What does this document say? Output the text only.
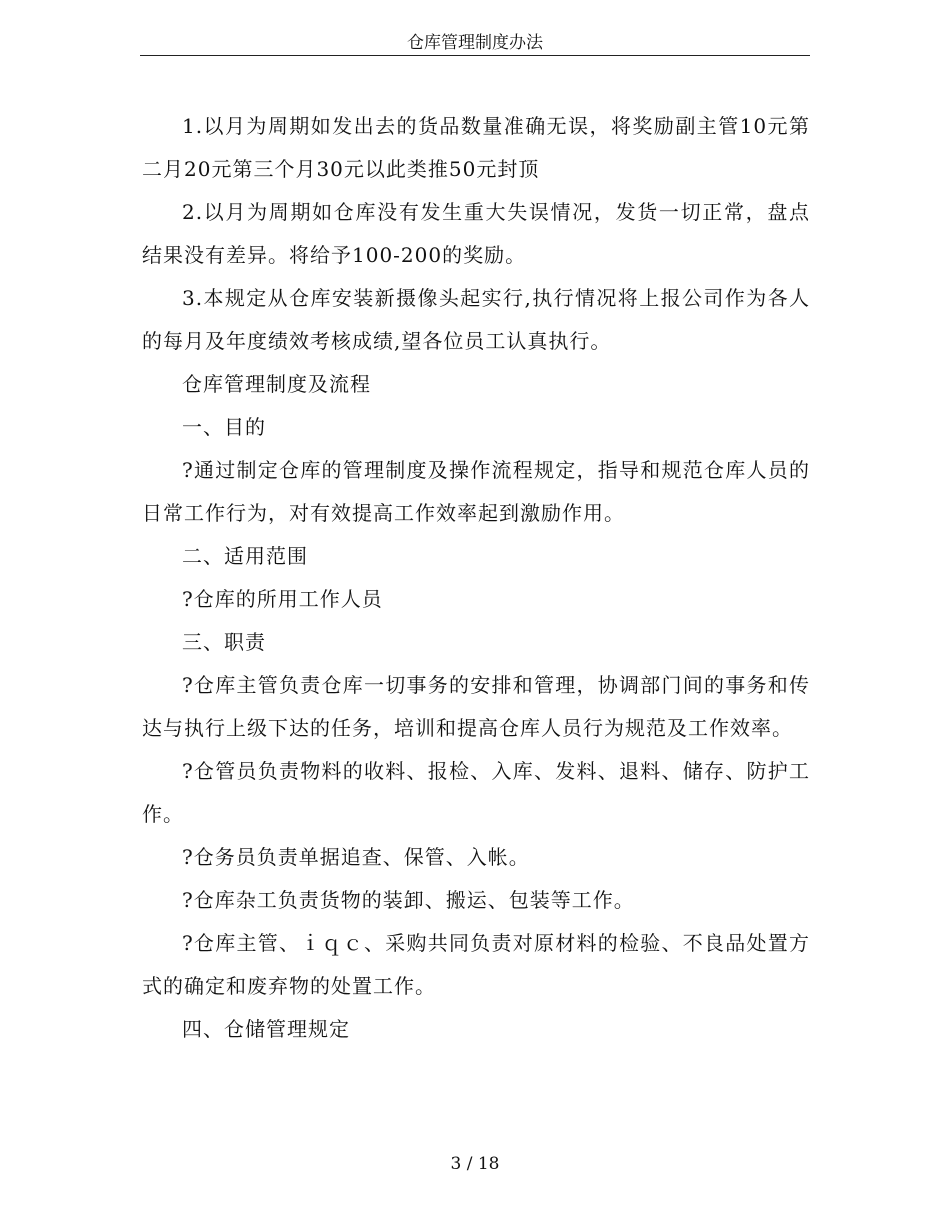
仓库管理制度办法

1.以月为周期如发出去的货品数量准确无误，将奖励副主管10元第二月20元第三个月30元以此类推50元封顶

2.以月为周期如仓库没有发生重大失误情况，发货一切正常，盘点结果没有差异。将给予100-200的奖励。

3.本规定从仓库安装新摄像头起实行,执行情况将上报公司作为各人的每月及年度绩效考核成绩,望各位员工认真执行。

仓库管理制度及流程

一、目的

?通过制定仓库的管理制度及操作流程规定，指导和规范仓库人员的日常工作行为，对有效提高工作效率起到激励作用。

二、适用范围

?仓库的所用工作人员

三、职责

?仓库主管负责仓库一切事务的安排和管理，协调部门间的事务和传达与执行上级下达的任务，培训和提高仓库人员行为规范及工作效率。

?仓管员负责物料的收料、报检、入库、发料、退料、储存、防护工作。

?仓务员负责单据追查、保管、入帐。

?仓库杂工负责货物的装卸、搬运、包装等工作。

?仓库主管、ｉｑｃ、采购共同负责对原材料的检验、不良品处置方式的确定和废弃物的处置工作。

四、仓储管理规定

3 / 18
